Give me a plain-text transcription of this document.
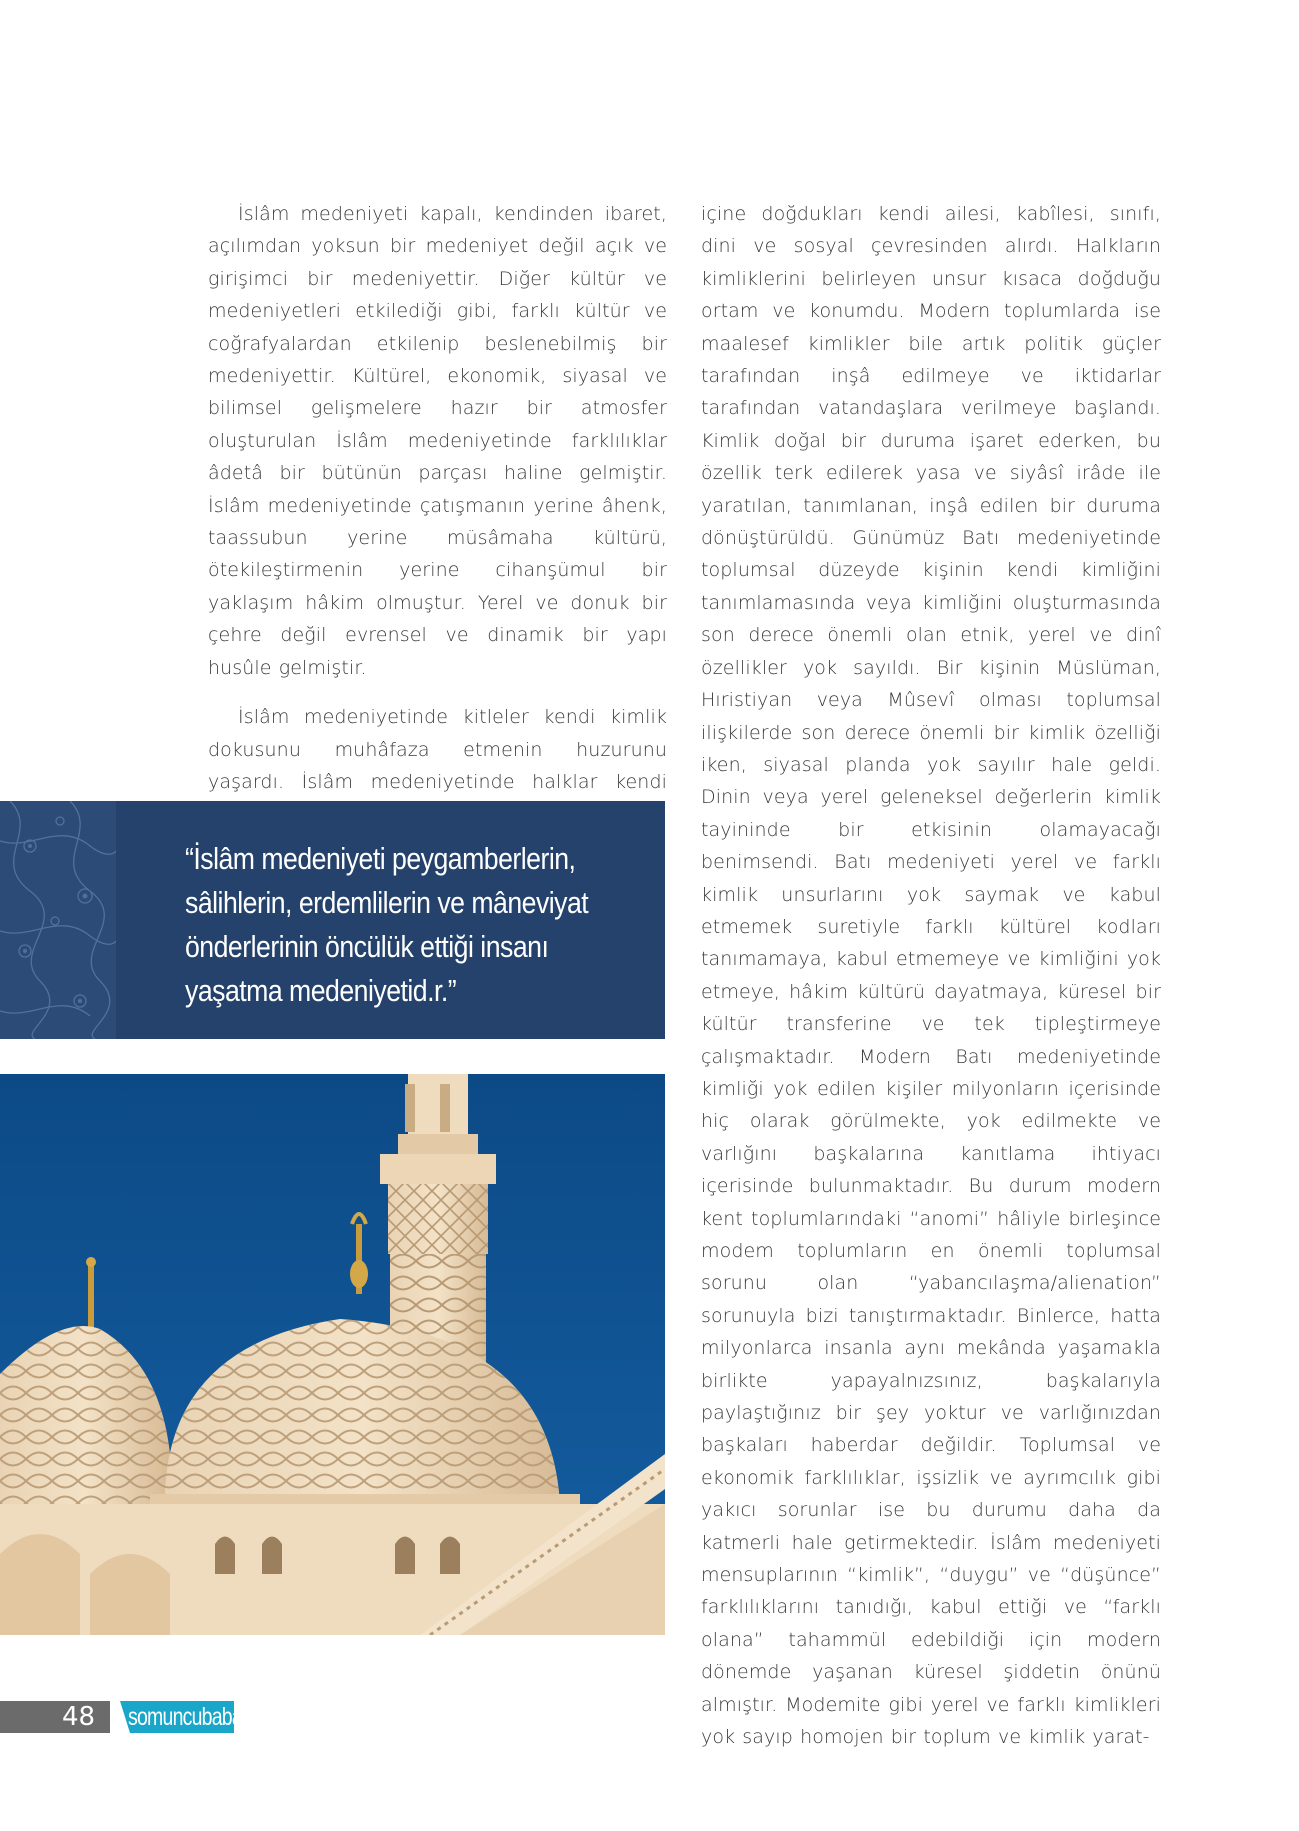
İslâm medeniyeti kapalı, kendinden ibaret, açılımdan yoksun bir medeniyet değil açık ve girişimci bir medeniyettir. Diğer kültür ve medeniyetleri etkilediği gibi, farklı kültür ve coğrafyalardan etkilenip beslenebilmiş bir medeniyettir. Kültürel, ekonomik, siyasal ve bilimsel gelişmelere hazır bir atmosfer oluşturulan İslâm medeniyetinde farklılıklar âdetâ bir bütünün parçası haline gelmiştir. İslâm medeniyetinde çatışmanın yerine âhenk, taassubun yerine müsâmaha kültürü, ötekileştirmenin yerine cihanşümul bir yaklaşım hâkim olmuştur. Yerel ve donuk bir çehre değil evrensel ve dinamik bir yapı husûle gelmiştir.

İslâm medeniyetinde kitleler kendi kimlik dokusunu muhâfaza etmenin huzurunu yaşardı. İslâm medeniyetinde halklar kendi

içine doğdukları kendi ailesi, kabîlesi, sınıfı, dini ve sosyal çevresinden alırdı. Halkların kimliklerini belirleyen unsur kısaca doğduğu ortam ve konumdu. Modern toplumlarda ise maalesef kimlikler bile artık politik güçler tarafından inşâ edilmeye ve iktidarlar tarafından vatandaşlara verilmeye başlandı. Kimlik doğal bir duruma işaret ederken, bu özellik terk edilerek yasa ve siyâsî irâde ile yaratılan, tanımlanan, inşâ edilen bir duruma dönüştürüldü. Günümüz Batı medeniyetinde toplumsal düzeyde kişinin kendi kimliğini tanımlamasında veya kimliğini oluşturmasında son derece önemli olan etnik, yerel ve dinî özellikler yok sayıldı. Bir kişinin Müslüman, Hıristiyan veya Mûsevî olması toplumsal ilişkilerde son derece önemli bir kimlik özelliği iken, siyasal planda yok sayılır hale geldi. Dinin veya yerel geleneksel değerlerin kimlik tayininde bir etkisinin olamayacağı benimsendi. Batı medeniyeti yerel ve farklı kimlik unsurlarını yok saymak ve kabul etmemek suretiyle farklı kültürel kodları tanımamaya, kabul etmemeye ve kimliğini yok etmeye, hâkim kültürü dayatmaya, küresel bir kültür transferine ve tek tipleştirmeye çalışmaktadır. Modern Batı medeniyetinde kimliği yok edilen kişiler milyonların içerisinde hiç olarak görülmekte, yok edilmekte ve varlığını başkalarına kanıtlama ihtiyacı içerisinde bulunmaktadır. Bu durum modern kent toplumlarındaki “anomi” hâliyle birleşince modem toplumların en önemli toplumsal sorunu olan “yabancılaşma/alienation” sorunuyla bizi tanıştırmaktadır. Binlerce, hatta milyonlarca insanla aynı mekânda yaşamakla birlikte yapayalnızsınız, başkalarıyla paylaştığınız bir şey yoktur ve varlığınızdan başkaları haberdar değildir. Toplumsal ve ekonomik farklılıklar, işsizlik ve ayrımcılık gibi yakıcı sorunlar ise bu durumu daha da katmerli hale getirmektedir. İslâm medeniyeti mensuplarının “kimlik”, “duygu” ve “düşünce” farklılıklarını tanıdığı, kabul ettiği ve “farklı olana” tahammül edebildiği için modern dönemde yaşanan küresel şiddetin önünü almıştır. Modemite gibi yerel ve farklı kimlikleri yok sayıp homojen bir toplum ve kimlik yarat-

“İslâm medeniyeti peygamberlerin, sâlihlerin, erdemlilerin ve mâneviyat önderlerinin öncülük ettiği insanı yaşatma medeniyetid.r.”
48	somuncubaba
